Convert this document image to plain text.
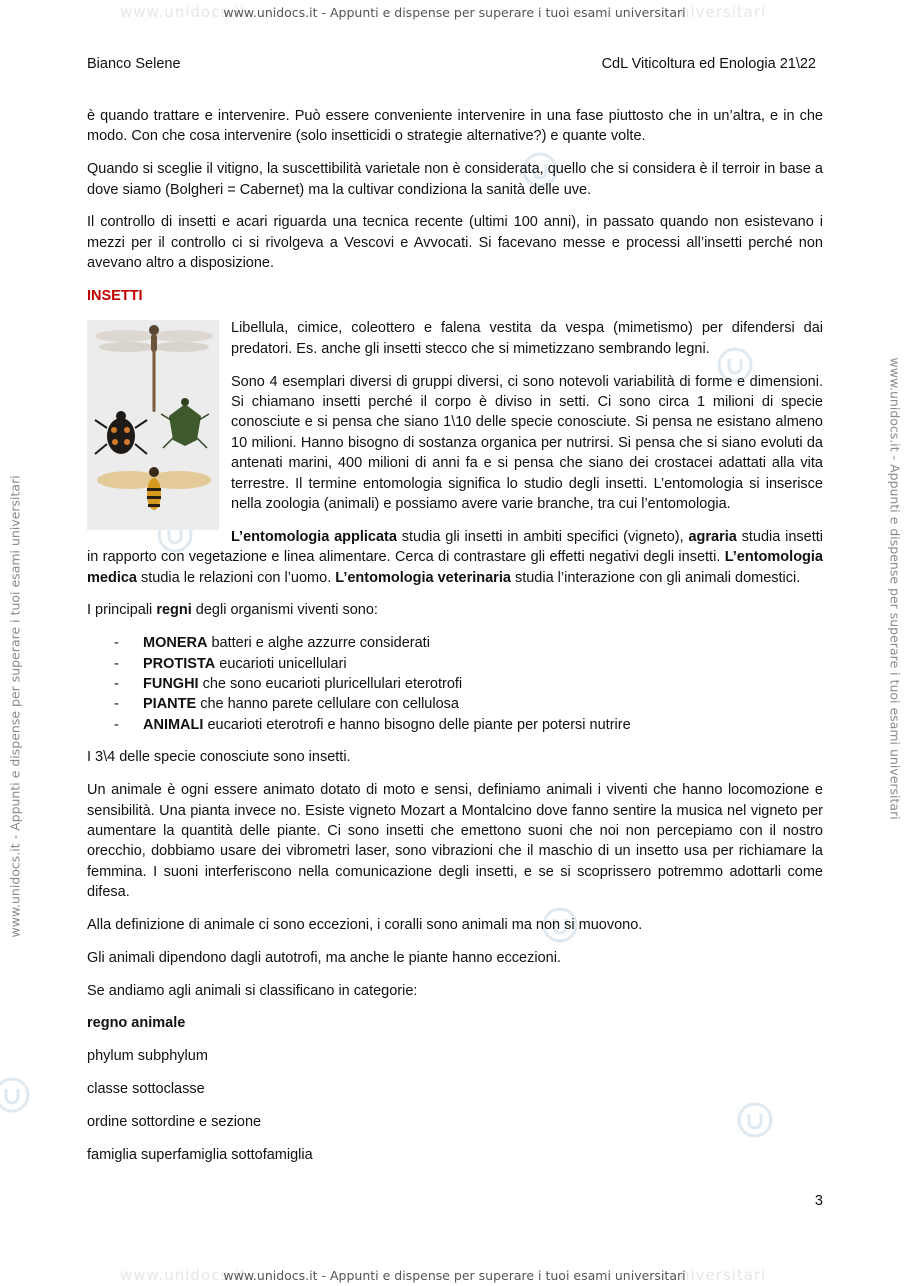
www.unidocs.it	niversitari
www.unidocs.it - Appunti e dispense per superare i tuoi esami universitari
www.unidocs.it	niversitari
www.unidocs.it - Appunti e dispense per superare i tuoi esami universitari
www.unidocs.it - Appunti e dispense per superare i tuoi esami universitari	www.unidocs.it - Appunti e dispense per superare i tuoi esami universitari
Bianco Selene	CdL Viticoltura ed Enologia 21\22

è quando trattare e intervenire. Può essere conveniente intervenire in una fase piuttosto che in un’altra, e in che modo. Con che cosa intervenire (solo insetticidi o strategie alternative?) e quante volte.

Quando si sceglie il vitigno, la suscettibilità varietale non è considerata, quello che si considera è il terroir in base a dove siamo (Bolgheri = Cabernet) ma la cultivar condiziona la sanità delle uve.

Il controllo di insetti e acari riguarda una tecnica recente (ultimi 100 anni), in passato quando non esistevano i mezzi per il controllo ci si rivolgeva a Vescovi e Avvocati. Si facevano messe e processi all’insetti perché non avevano altro a disposizione.

INSETTI

Libellula, cimice, coleottero e falena vestita da vespa (mimetismo) per difendersi dai predatori. Es. anche gli insetti stecco che si mimetizzano sembrando legni.

Sono 4 esemplari diversi di gruppi diversi, ci sono notevoli variabilità di forme e dimensioni. Si chiamano insetti perché il corpo è diviso in setti. Ci sono circa 1 milioni di specie conosciute e si pensa che siano 1\10 delle specie conosciute. Si pensa ne esistano almeno 10 milioni. Hanno bisogno di sostanza organica per nutrirsi. Si pensa che si siano evoluti da antenati marini, 400 milioni di anni fa e si pensa che siano dei crostacei adattati alla vita terrestre. Il termine entomologia significa lo studio degli insetti. L’entomologia si inserisce nella zoologia (animali) e possiamo avere varie branche, tra cui l’entomologia.

L’entomologia applicata studia gli insetti in ambiti specifici (vigneto), agraria studia insetti in rapporto con vegetazione e linea alimentare. Cerca di contrastare gli effetti negativi degli insetti. L’entomologia medica studia le relazioni con l’uomo. L’entomologia veterinaria studia l’interazione con gli animali domestici.

I principali regni degli organismi viventi sono:

- MONERA batteri e alghe azzurre considerati
- PROTISTA eucarioti unicellulari
- FUNGHI che sono eucarioti pluricellulari eterotrofi
- PIANTE che hanno parete cellulare con cellulosa
- ANIMALI eucarioti eterotrofi e hanno bisogno delle piante per potersi nutrire

I 3\4 delle specie conosciute sono insetti.

Un animale è ogni essere animato dotato di moto e sensi, definiamo animali i viventi che hanno locomozione e sensibilità. Una pianta invece no. Esiste vigneto Mozart a Montalcino dove fanno sentire la musica nel vigneto per aumentare la quantità delle piante. Ci sono insetti che emettono suoni che noi non percepiamo con il nostro orecchio, dobbiamo usare dei vibrometri laser, sono vibrazioni che il maschio di un insetto usa per richiamare la femmina. I suoni interferiscono nella comunicazione degli insetti, e se si scoprissero potremmo adottarli come difesa.

Alla definizione di animale ci sono eccezioni, i coralli sono animali ma non si muovono.

Gli animali dipendono dagli autotrofi, ma anche le piante hanno eccezioni.

Se andiamo agli animali si classificano in categorie:

regno animale

phylum subphylum

classe sottoclasse

ordine sottordine e sezione

famiglia superfamiglia sottofamiglia

3
